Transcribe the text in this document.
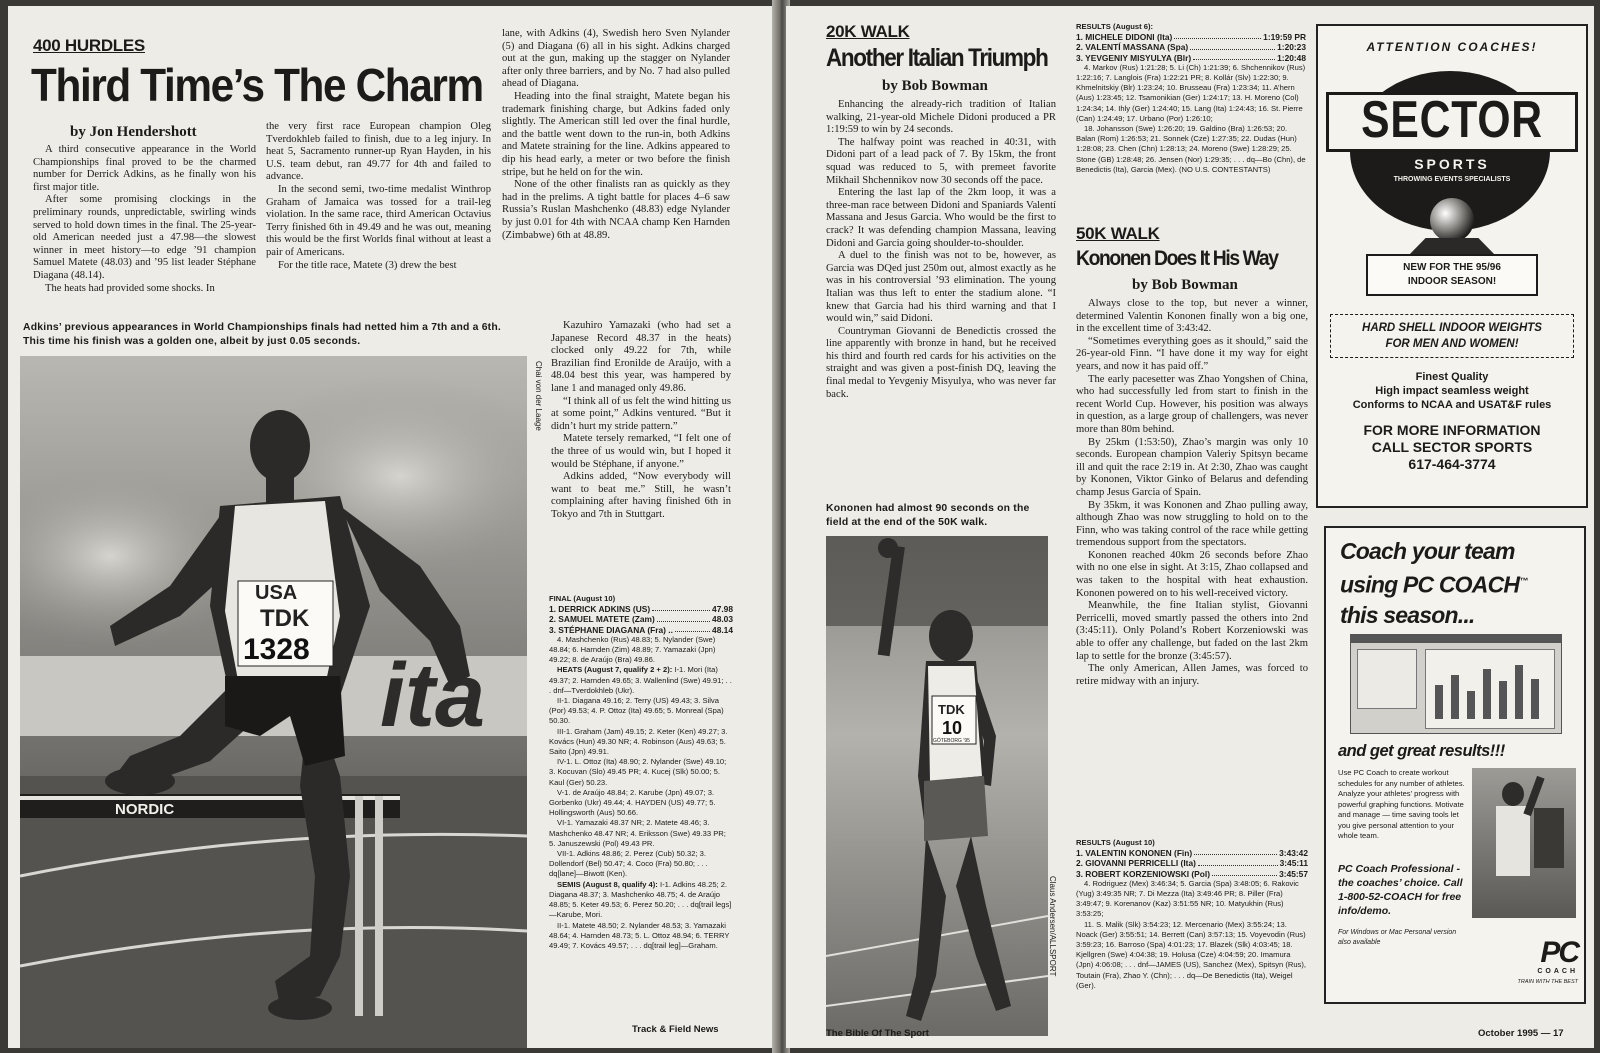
400 HURDLES
Third Time’s The Charm
by Jon Hendershott

A third consecutive appearance in the World Championships final proved to be the charmed number for Derrick Adkins, as he finally won his first major title.

After some promising clockings in the preliminary rounds, unpredictable, swirling winds served to hold down times in the final. The 25-year-old American needed just a 47.98—the slowest winner in meet history—to edge ’91 champion Samuel Matete (48.03) and ’95 list leader Stéphane Diagana (48.14).

The heats had provided some shocks. In

the very first race European champion Oleg Tverdokhleb failed to finish, due to a leg injury. In heat 5, Sacramento runner-up Ryan Hayden, in his U.S. team debut, ran 49.77 for 4th and failed to advance.

In the second semi, two-time medalist Winthrop Graham of Jamaica was tossed for a trail-leg violation. In the same race, third American Octavius Terry finished 6th in 49.49 and he was out, meaning this would be the first Worlds final without at least a pair of Americans.

For the title race, Matete (3) drew the best

lane, with Adkins (4), Swedish hero Sven Nylander (5) and Diagana (6) all in his sight. Adkins charged out at the gun, making up the stagger on Nylander after only three barriers, and by No. 7 had also pulled ahead of Diagana.

Heading into the final straight, Matete began his trademark finishing charge, but Adkins faded only slightly. The American still led over the final hurdle, and the battle went down to the run-in, both Adkins and Matete straining for the line. Adkins appeared to dip his head early, a meter or two before the finish stripe, but he held on for the win.

None of the other finalists ran as quickly as they had in the prelims. A tight battle for places 4–6 saw Russia’s Ruslan Mashchenko (48.83) edge Nylander by just 0.01 for 4th with NCAA champ Ken Harnden (Zimbabwe) 6th at 48.89.

Adkins’ previous appearances in World Championships finals had netted him a 7th and a 6th. This time his finish was a golden one, albeit by just 0.05 seconds.
ita
NORDIC
USA
TDK
1328
Chai von der Laage

Kazuhiro Yamazaki (who had set a Japanese Record 48.37 in the heats) clocked only 49.22 for 7th, while Brazilian find Eronilde de Araújo, with a 48.04 best this year, was hampered by lane 1 and managed only 49.86.

“I think all of us felt the wind hitting us at some point,” Adkins ventured. “But it didn’t hurt my stride pattern.”

Matete tersely remarked, “I felt one of the three of us would win, but I hoped it would be Stéphane, if anyone.”

Adkins added, “Now everybody will want to beat me.” Still, he wasn’t complaining after having finished 6th in Tokyo and 7th in Stuttgart.

FINAL (August 10)
1. DERRICK ADKINS (US)	47.98
2. SAMUEL MATETE (Zam)	48.03
3. STÉPHANE DIAGANA (Fra) ..	48.14
4. Mashchenko (Rus) 48.83; 5. Nylander (Swe) 48.84; 6. Harnden (Zim) 48.89; 7. Yamazaki (Jpn) 49.22; 8. de Araújo (Bra) 49.86.
HEATS (August 7, qualify 2 + 2): I-1. Mori (Ita) 49.37; 2. Harnden 49.65; 3. Wallenlind (Swe) 49.91; . . . dnf—Tverdokhleb (Ukr).
II-1. Diagana 49.16; 2. Terry (US) 49.43; 3. Silva (Por) 49.53; 4. P. Ottoz (Ita) 49.65; 5. Monreal (Spa) 50.30.
III-1. Graham (Jam) 49.15; 2. Keter (Ken) 49.27; 3. Kovács (Hun) 49.30 NR; 4. Robinson (Aus) 49.63; 5. Saito (Jpn) 49.91.
IV-1. L. Ottoz (Ita) 48.90; 2. Nylander (Swe) 49.10; 3. Kocuvan (Slo) 49.45 PR; 4. Kucej (Slk) 50.00; 5. Kaul (Ger) 50.23.
V-1. de Araújo 48.84; 2. Karube (Jpn) 49.07; 3. Gorbenko (Ukr) 49.44; 4. HAYDEN (US) 49.77; 5. Hollingsworth (Aus) 50.66.
VI-1. Yamazaki 48.37 NR; 2. Matete 48.46; 3. Mashchenko 48.47 NR; 4. Eriksson (Swe) 49.33 PR; 5. Januszewski (Pol) 49.43 PR.
VII-1. Adkins 48.86; 2. Perez (Cub) 50.32; 3. Dollendorf (Bel) 50.47; 4. Coco (Fra) 50.80; . . . dq[lane]—Biwott (Ken).
SEMIS (August 8, qualify 4): I-1. Adkins 48.25; 2. Diagana 48.37; 3. Mashchenko 48.75; 4. de Araújo 48.85; 5. Keter 49.53; 6. Perez 50.20; . . . dq[trail legs]—Karube, Mori.
II-1. Matete 48.50; 2. Nylander 48.53; 3. Yamazaki 48.64; 4. Harnden 48.73; 5. L. Ottoz 48.94; 6. TERRY 49.49; 7. Kovács 49.57; . . . dq[trail leg]—Graham.
Track & Field News
20K WALK
Another Italian Triumph
by Bob Bowman

Enhancing the already-rich tradition of Italian walking, 21-year-old Michele Didoni produced a PR 1:19:59 to win by 24 seconds.

The halfway point was reached in 40:31, with Didoni part of a lead pack of 7. By 15km, the front squad was reduced to 5, with premeet favorite Mikhail Shchennikov now 30 seconds off the pace.

Entering the last lap of the 2km loop, it was a three-man race between Didoni and Spaniards Valentí Massana and Jesus Garcia. Who would be the first to crack? It was defending champion Massana, leaving Didoni and Garcia going shoulder-to-shoulder.

A duel to the finish was not to be, however, as Garcia was DQed just 250m out, almost exactly as he was in his controversial ’93 elimination. The young Italian was thus left to enter the stadium alone. “I knew that Garcia had his third warning and that I would win,” said Didoni.

Countryman Giovanni de Benedictis crossed the line apparently with bronze in hand, but he received his third and fourth red cards for his activities on the straight and was given a post-finish DQ, leaving the final medal to Yevgeniy Misyulya, who was never far back.

Kononen had almost 90 seconds on the field at the end of the 50K walk.
TDK
10
GÖTEBORG ’95
Claus Andersen/ALLSPORT
RESULTS (August 6):
1. MICHELE DIDONI (Ita)	1:19:59 PR
2. VALENTÍ MASSANA (Spa)	1:20:23
3. YEVGENIY MISYULYA (Blr)	1:20:48
4. Markov (Rus) 1:21:28; 5. Li (Ch) 1:21:39; 6. Shchennikov (Rus) 1:22:16; 7. Langlois (Fra) 1:22:21 PR; 8. Kollár (Slv) 1:22:30; 9. Khmelnitskiy (Blr) 1:23:24; 10. Brusseau (Fra) 1:23:34; 11. A’hern (Aus) 1:23:45; 12. Tsamonikian (Ger) 1:24:17; 13. H. Moreno (Col) 1:24:34; 14. Ihly (Ger) 1:24:40; 15. Lang (Ita) 1:24:43; 16. St. Pierre (Can) 1:24:49; 17. Urbano (Por) 1:26:10;
18. Johansson (Swe) 1:26:20; 19. Galdino (Bra) 1:26:53; 20. Balan (Rom) 1:26:53; 21. Sonnek (Cze) 1:27:35; 22. Dudas (Hun) 1:28:08; 23. Chen (Chn) 1:28:13; 24. Moreno (Swe) 1:28:29; 25. Stone (GB) 1:28:48; 26. Jensen (Nor) 1:29:35; . . . dq—Bo (Chn), de Benedictis (Ita), Garcia (Mex). (NO U.S. CONTESTANTS)
50K WALK
Kononen Does It His Way
by Bob Bowman

Always close to the top, but never a winner, determined Valentin Kononen finally won a big one, in the excellent time of 3:43:42.

“Sometimes everything goes as it should,” said the 26-year-old Finn. “I have done it my way for eight years, and now it has paid off.”

The early pacesetter was Zhao Yongshen of China, who had successfully led from start to finish in the recent World Cup. However, his position was always in question, as a large group of challengers, was never more than 80m behind.

By 25km (1:53:50), Zhao’s margin was only 10 seconds. European champion Valeriy Spitsyn became ill and quit the race 2:19 in. At 2:30, Zhao was caught by Kononen, Viktor Ginko of Belarus and defending champ Jesus Garcia of Spain.

By 35km, it was Kononen and Zhao pulling away, although Zhao was now struggling to hold on to the Finn, who was taking control of the race while getting tremendous support from the spectators.

Kononen reached 40km 26 seconds before Zhao with no one else in sight. At 3:15, Zhao collapsed and was taken to the hospital with heat exhaustion. Kononen powered on to his well-received victory.

Meanwhile, the fine Italian stylist, Giovanni Perricelli, moved smartly passed the others into 2nd (3:45:11). Only Poland’s Robert Korzeniowski was able to offer any challenge, but faded on the last 2km lap to settle for the bronze (3:45:57).

The only American, Allen James, was forced to retire midway with an injury.

RESULTS (August 10)
1. VALENTIN KONONEN (Fin)	3:43:42
2. GIOVANNI PERRICELLI (Ita)	3:45:11
3. ROBERT KORZENIOWSKI (Pol)	3:45:57
4. Rodriguez (Mex) 3:46:34; 5. Garcia (Spa) 3:48:05; 6. Rakovic (Yug) 3:49:35 NR; 7. Di Mezza (Ita) 3:49:46 PR; 8. Piller (Fra) 3:49:47; 9. Koreпanov (Kaz) 3:51:55 NR; 10. Matyukhin (Rus) 3:53:25;
11. S. Malik (Slk) 3:54:23; 12. Mercenario (Mex) 3:55:24; 13. Noack (Ger) 3:55:51; 14. Berrett (Can) 3:57:13; 15. Voyevodin (Rus) 3:59:23; 16. Barroso (Spa) 4:01:23; 17. Blazek (Slk) 4:03:45; 18. Kjellgren (Swe) 4:04:38; 19. Holusa (Cze) 4:04:59; 20. Imamura (Jpn) 4:06:08; . . . dnf—JAMES (US), Sanchez (Mex), Spitsyn (Rus), Toutain (Fra), Zhao Y. (Chn); . . . dq—De Benedictis (Ita), Weigel (Ger).
The Bible Of The Sport	October 1995 — 17
ATTENTION COACHES!
SECTOR
SPORTS
THROWING EVENTS SPECIALISTS
NEW FOR THE 95/96
INDOOR SEASON!
HARD SHELL INDOOR WEIGHTS
FOR MEN AND WOMEN!
Finest Quality
High impact seamless weight
Conforms to NCAA and USAT&F rules
FOR MORE INFORMATION
CALL SECTOR SPORTS
617-464-3774
Coach your team
using PC COACH™
this season...
and get great results!!!
Use PC Coach to create workout schedules for any number of athletes. Analyze your athletes’ progress with powerful graphing functions. Motivate and manage — time saving tools let you give personal attention to your whole team.
PC Coach Professional - the coaches’ choice. Call 1-800-52-COACH for free info/demo.
For Windows or Mac Personal version also available	PC
COACH
TRAIN WITH THE BEST
